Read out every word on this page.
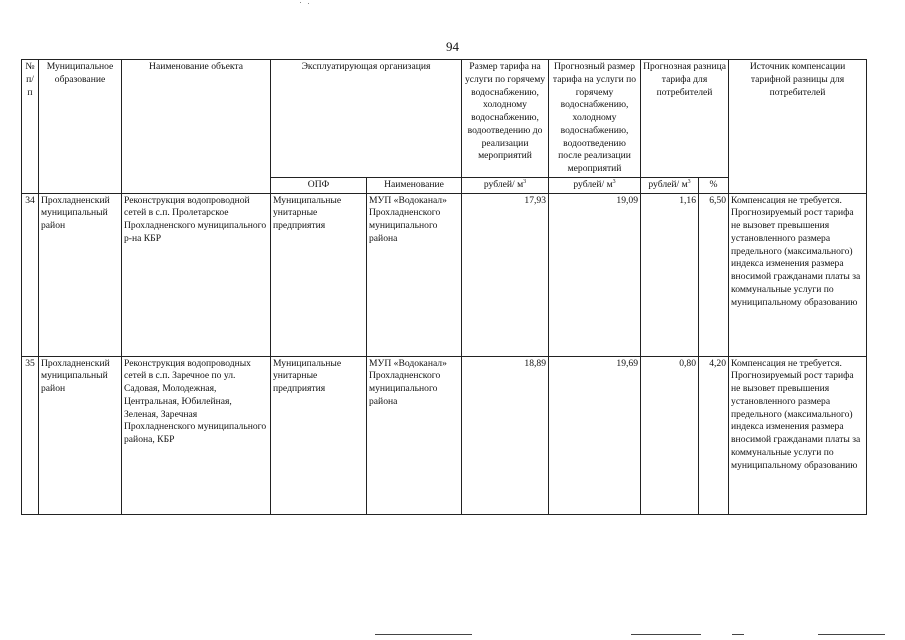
94
№ п/п	Муниципальное образование	Наименование объекта	Эксплуатирующая организация		Размер тарифа на услуги по горячему водоснабжению, холодному водоснабжению, водоотведению до реализации мероприятий	Прогнозный размер тарифа на услуги по горячему водоснабжению, холодному водоснабжению, водоотведению после реализации мероприятий	Прогнозная разница тарифа для потребителей		Источник компенсации тарифной разницы для потребителей
			ОПФ	Наименование	рублей/ $м^3$	рублей/ $м^3$	рублей/ $м^3$	%	
34	Прохладненский муниципальный район	Реконструкция водопроводной сетей в с.п. Пролетарское Прохладненского муниципального р-на КБР	Муниципальные унитарные предприятия	МУП «Водоканал» Прохладненского муниципального района	17,93	19,09	1,16	6,50	Компенсация не требуется. Прогнозируемый рост тарифа не вызовет превышения установленного размера предельного (максимального) индекса изменения размера вносимой гражданами платы за коммунальные услуги по муниципальному образованию
35	Прохладненский муниципальный район	Реконструкция водопроводных сетей в с.п. Заречное по ул. Садовая, Молодежная, Центральная, Юбилейная, Зеленая, Заречная Прохладненского муниципального района, КБР	Муниципальные унитарные предприятия	МУП «Водоканал» Прохладненского муниципального района	18,89	19,69	0,80	4,20	Компенсация не требуется. Прогнозируемый рост тарифа не вызовет превышения установленного размера предельного (максимального) индекса изменения размера вносимой гражданами платы за коммунальные услуги по муниципальному образованию
